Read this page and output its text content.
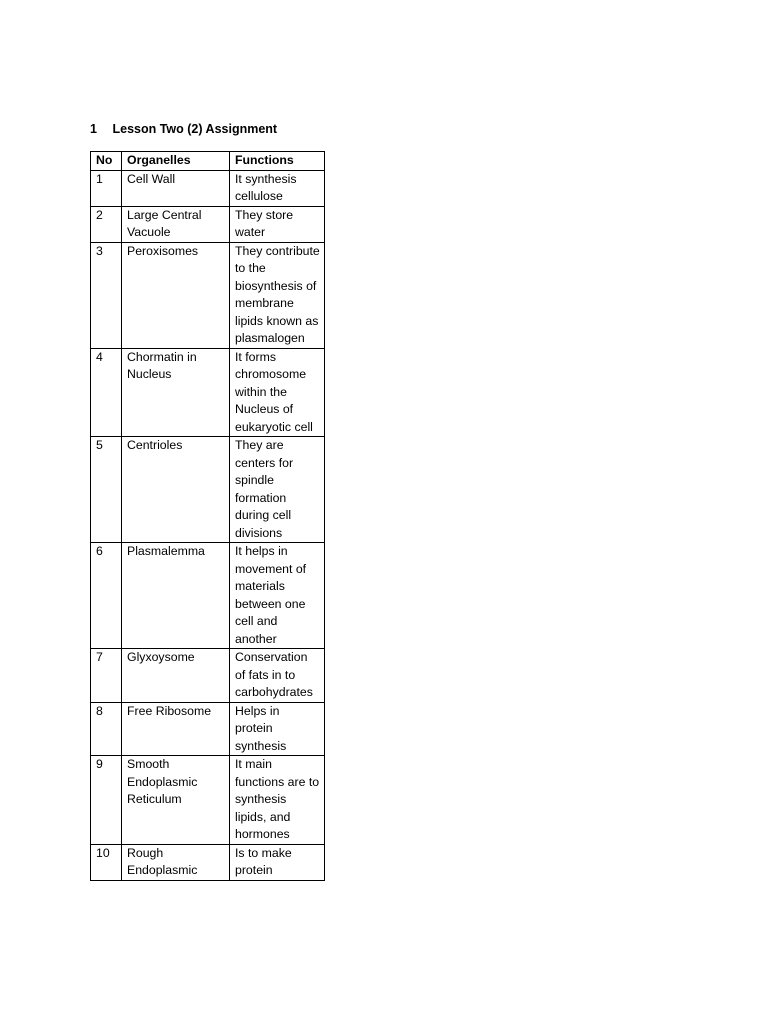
1 Lesson Two (2) Assignment
No	Organelles	Functions
1	Cell Wall	It synthesis cellulose
2	Large Central Vacuole	They store water
3	Peroxisomes	They contribute to the biosynthesis of membrane lipids known as plasmalogen
4	Chormatin in Nucleus	It forms chromosome within the Nucleus of eukaryotic cell
5	Centrioles	They are centers for spindle formation during cell divisions
6	Plasmalemma	It helps in movement of materials between one cell and another
7	Glyxoysome	Conservation of fats in to carbohydrates
8	Free Ribosome	Helps in protein synthesis
9	Smooth Endoplasmic Reticulum	It main functions are to synthesis lipids, and hormones
10	Rough Endoplasmic	Is to make protein
